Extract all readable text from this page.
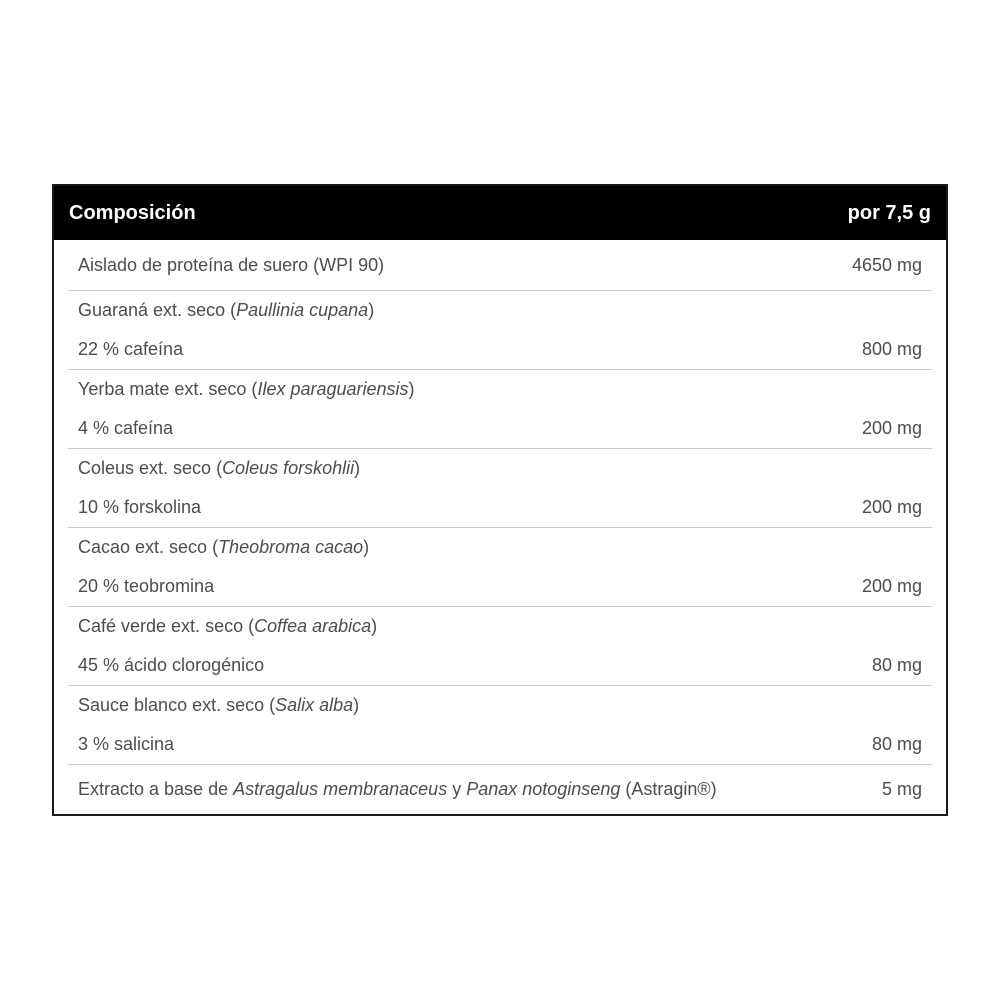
Composición	por 7,5 g
Aislado de proteína de suero (WPI 90)	4650 mg
Guaraná ext. seco (Paullinia cupana)
22 % cafeína	800 mg
Yerba mate ext. seco (Ilex paraguariensis)
4 % cafeína	200 mg
Coleus ext. seco (Coleus forskohlii)
10 % forskolina	200 mg
Cacao ext. seco (Theobroma cacao)
20 % teobromina	200 mg
Café verde ext. seco (Coffea arabica)
45 % ácido clorogénico	80 mg
Sauce blanco ext. seco (Salix alba)
3 % salicina	80 mg
Extracto a base de Astragalus membranaceus y Panax notoginseng (Astragin®)	5 mg
